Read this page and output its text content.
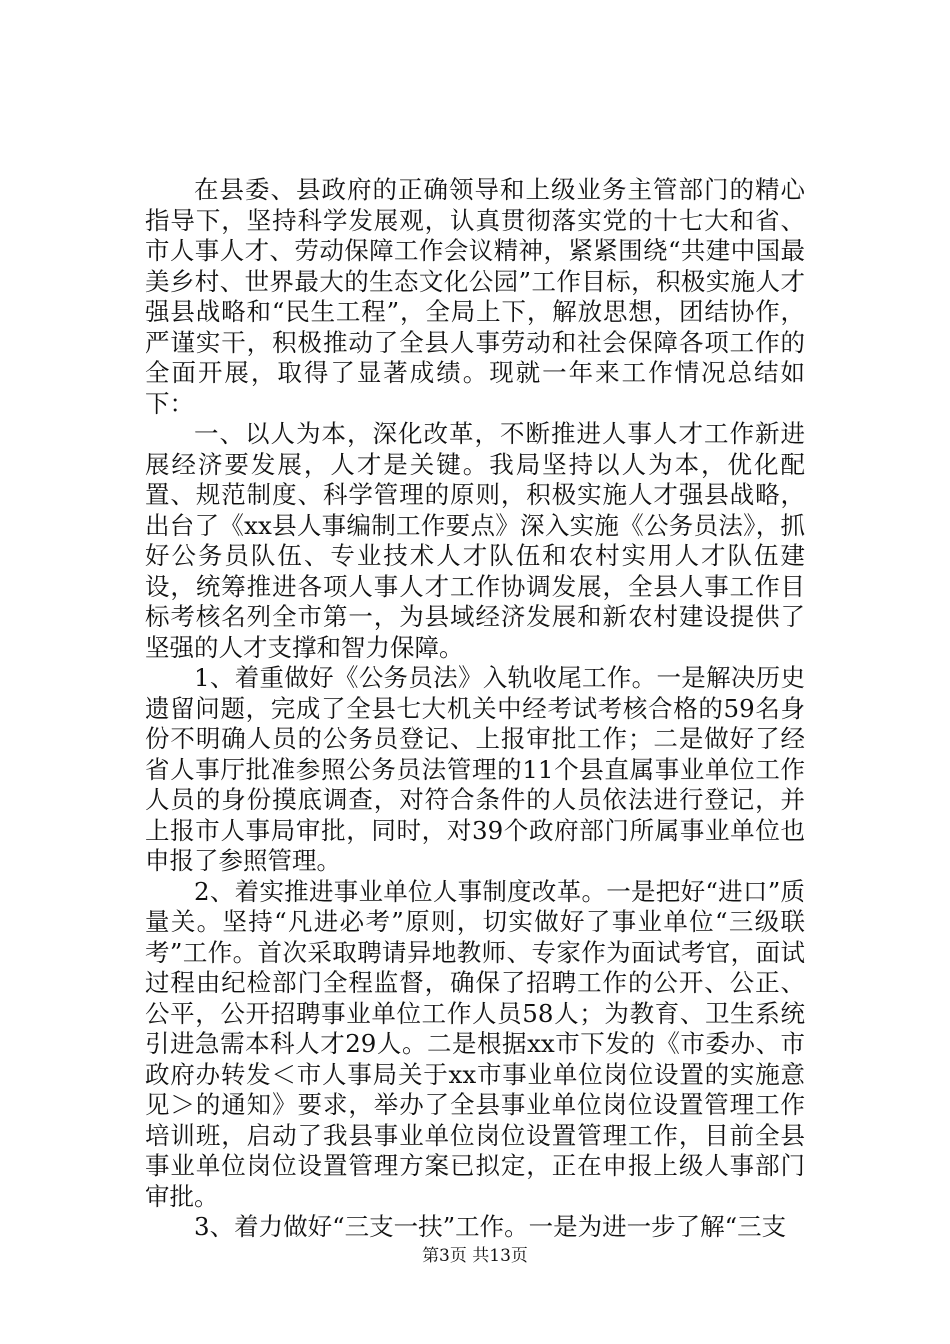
在县委、县政府的正确领导和上级业务主管部门的精心指导下，坚持科学发展观，认真贯彻落实党的十七大和省、市人事人才、劳动保障工作会议精神，紧紧围绕“共建中国最美乡村、世界最大的生态文化公园”工作目标，积极实施人才强县战略和“民生工程”，全局上下，解放思想，团结协作，严谨实干，积极推动了全县人事劳动和社会保障各项工作的全面开展，取得了显著成绩。现就一年来工作情况总结如下：

一、以人为本，深化改革，不断推进人事人才工作新进展经济要发展，人才是关键。我局坚持以人为本，优化配置、规范制度、科学管理的原则，积极实施人才强县战略，出台了《xx县人事编制工作要点》深入实施《公务员法》，抓好公务员队伍、专业技术人才队伍和农村实用人才队伍建设，统筹推进各项人事人才工作协调发展，全县人事工作目标考核名列全市第一，为县域经济发展和新农村建设提供了坚强的人才支撑和智力保障。

1、着重做好《公务员法》入轨收尾工作。一是解决历史遗留问题，完成了全县七大机关中经考试考核合格的59名身份不明确人员的公务员登记、上报审批工作；二是做好了经省人事厅批准参照公务员法管理的11个县直属事业单位工作人员的身份摸底调查，对符合条件的人员依法进行登记，并上报市人事局审批，同时，对39个政府部门所属事业单位也申报了参照管理。

2、着实推进事业单位人事制度改革。一是把好“进口”质量关。坚持“凡进必考”原则，切实做好了事业单位“三级联考”工作。首次采取聘请异地教师、专家作为面试考官，面试过程由纪检部门全程监督，确保了招聘工作的公开、公正、公平，公开招聘事业单位工作人员58人；为教育、卫生系统引进急需本科人才29人。二是根据xx市下发的《市委办、市政府办转发＜市人事局关于xx市事业单位岗位设置的实施意见＞的通知》要求，举办了全县事业单位岗位设置管理工作培训班，启动了我县事业单位岗位设置管理工作，目前全县事业单位岗位设置管理方案已拟定，正在申报上级人事部门审批。

3、着力做好“三支一扶”工作。一是为进一步了解“三支

第3页 共13页
